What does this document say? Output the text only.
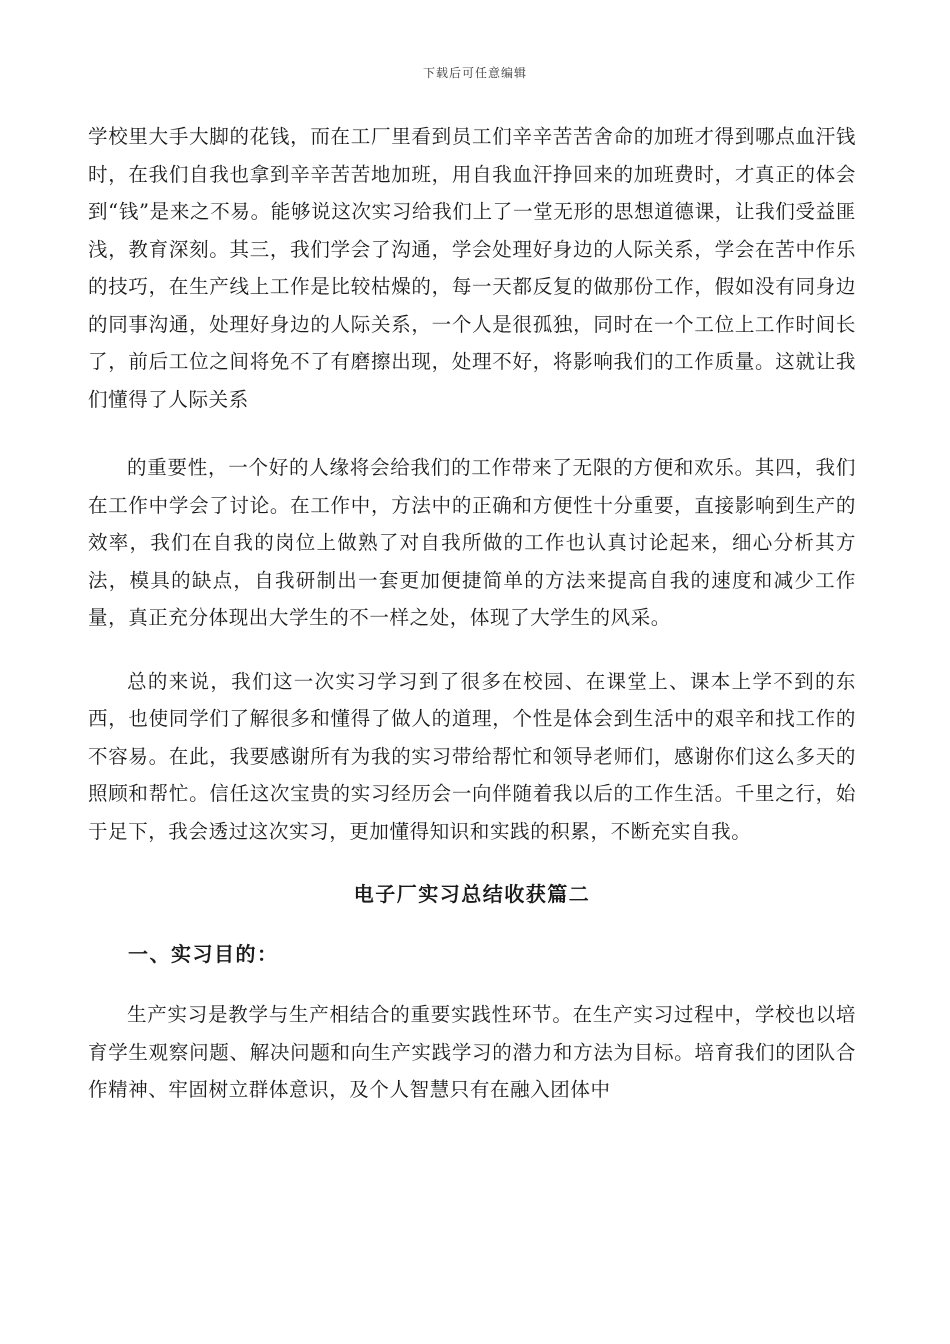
下载后可任意编辑

学校里大手大脚的花钱，而在工厂里看到员工们辛辛苦苦舍命的加班才得到哪点血汗钱时，在我们自我也拿到辛辛苦苦地加班，用自我血汗挣回来的加班费时，才真正的体会到“钱”是来之不易。能够说这次实习给我们上了一堂无形的思想道德课，让我们受益匪浅，教育深刻。其三，我们学会了沟通，学会处理好身边的人际关系，学会在苦中作乐的技巧，在生产线上工作是比较枯燥的，每一天都反复的做那份工作，假如没有同身边的同事沟通，处理好身边的人际关系，一个人是很孤独，同时在一个工位上工作时间长了，前后工位之间将免不了有磨擦出现，处理不好，将影响我们的工作质量。这就让我们懂得了人际关系

的重要性，一个好的人缘将会给我们的工作带来了无限的方便和欢乐。其四，我们在工作中学会了讨论。在工作中，方法中的正确和方便性十分重要，直接影响到生产的效率，我们在自我的岗位上做熟了对自我所做的工作也认真讨论起来，细心分析其方法，模具的缺点，自我研制出一套更加便捷简单的方法来提高自我的速度和减少工作量，真正充分体现出大学生的不一样之处，体现了大学生的风采。

总的来说，我们这一次实习学习到了很多在校园、在课堂上、课本上学不到的东西，也使同学们了解很多和懂得了做人的道理，个性是体会到生活中的艰辛和找工作的不容易。在此，我要感谢所有为我的实习带给帮忙和领导老师们，感谢你们这么多天的照顾和帮忙。信任这次宝贵的实习经历会一向伴随着我以后的工作生活。千里之行，始于足下，我会透过这次实习，更加懂得知识和实践的积累，不断充实自我。

电子厂实习总结收获篇二
一、实习目的：

生产实习是教学与生产相结合的重要实践性环节。在生产实习过程中，学校也以培育学生观察问题、解决问题和向生产实践学习的潜力和方法为目标。培育我们的团队合作精神、牢固树立群体意识，及个人智慧只有在融入团体中
